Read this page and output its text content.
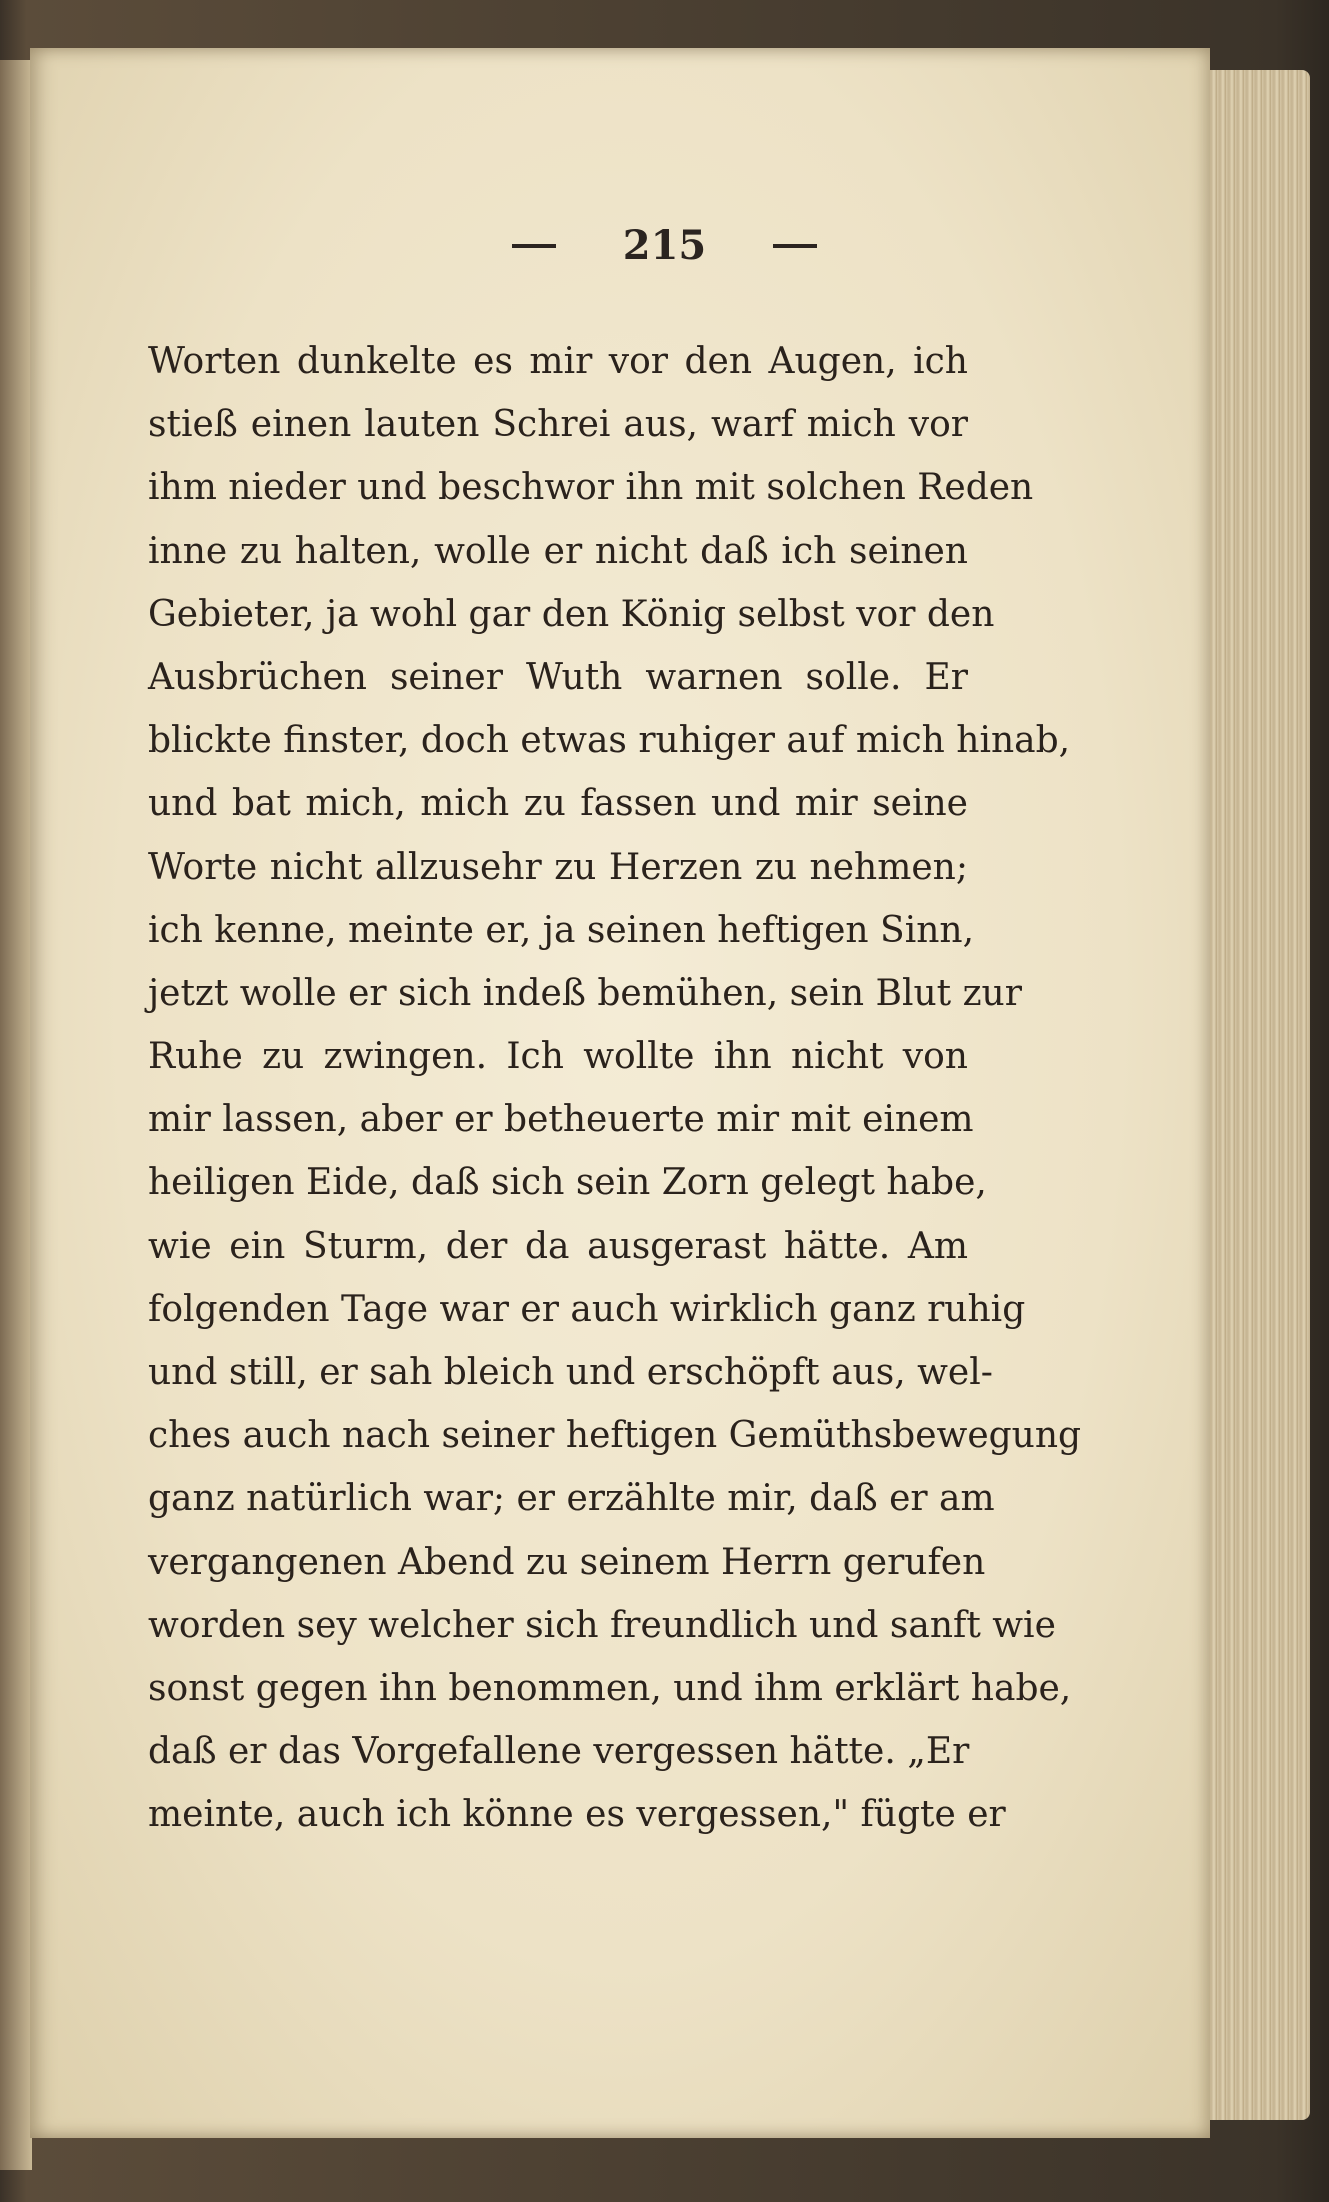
215
Worten dunkelte es mir vor den Augen, ich
stieß einen lauten Schrei aus, warf mich vor
ihm nieder und beschwor ihn mit solchen Reden
inne zu halten, wolle er nicht daß ich seinen
Gebieter, ja wohl gar den König selbst vor den
Ausbrüchen seiner Wuth warnen solle. Er
blickte finster, doch etwas ruhiger auf mich hinab,
und bat mich, mich zu fassen und mir seine
Worte nicht allzusehr zu Herzen zu nehmen;
ich kenne, meinte er, ja seinen heftigen Sinn,
jetzt wolle er sich indeß bemühen, sein Blut zur
Ruhe zu zwingen. Ich wollte ihn nicht von
mir lassen, aber er betheuerte mir mit einem
heiligen Eide, daß sich sein Zorn gelegt habe,
wie ein Sturm, der da ausgerast hätte. Am
folgenden Tage war er auch wirklich ganz ruhig
und still, er sah bleich und erschöpft aus, wel-
ches auch nach seiner heftigen Gemüthsbewegung
ganz natürlich war; er erzählte mir, daß er am
vergangenen Abend zu seinem Herrn gerufen
worden sey welcher sich freundlich und sanft wie
sonst gegen ihn benommen, und ihm erklärt habe,
daß er das Vorgefallene vergessen hätte. „Er
meinte, auch ich könne es vergessen," fügte er
